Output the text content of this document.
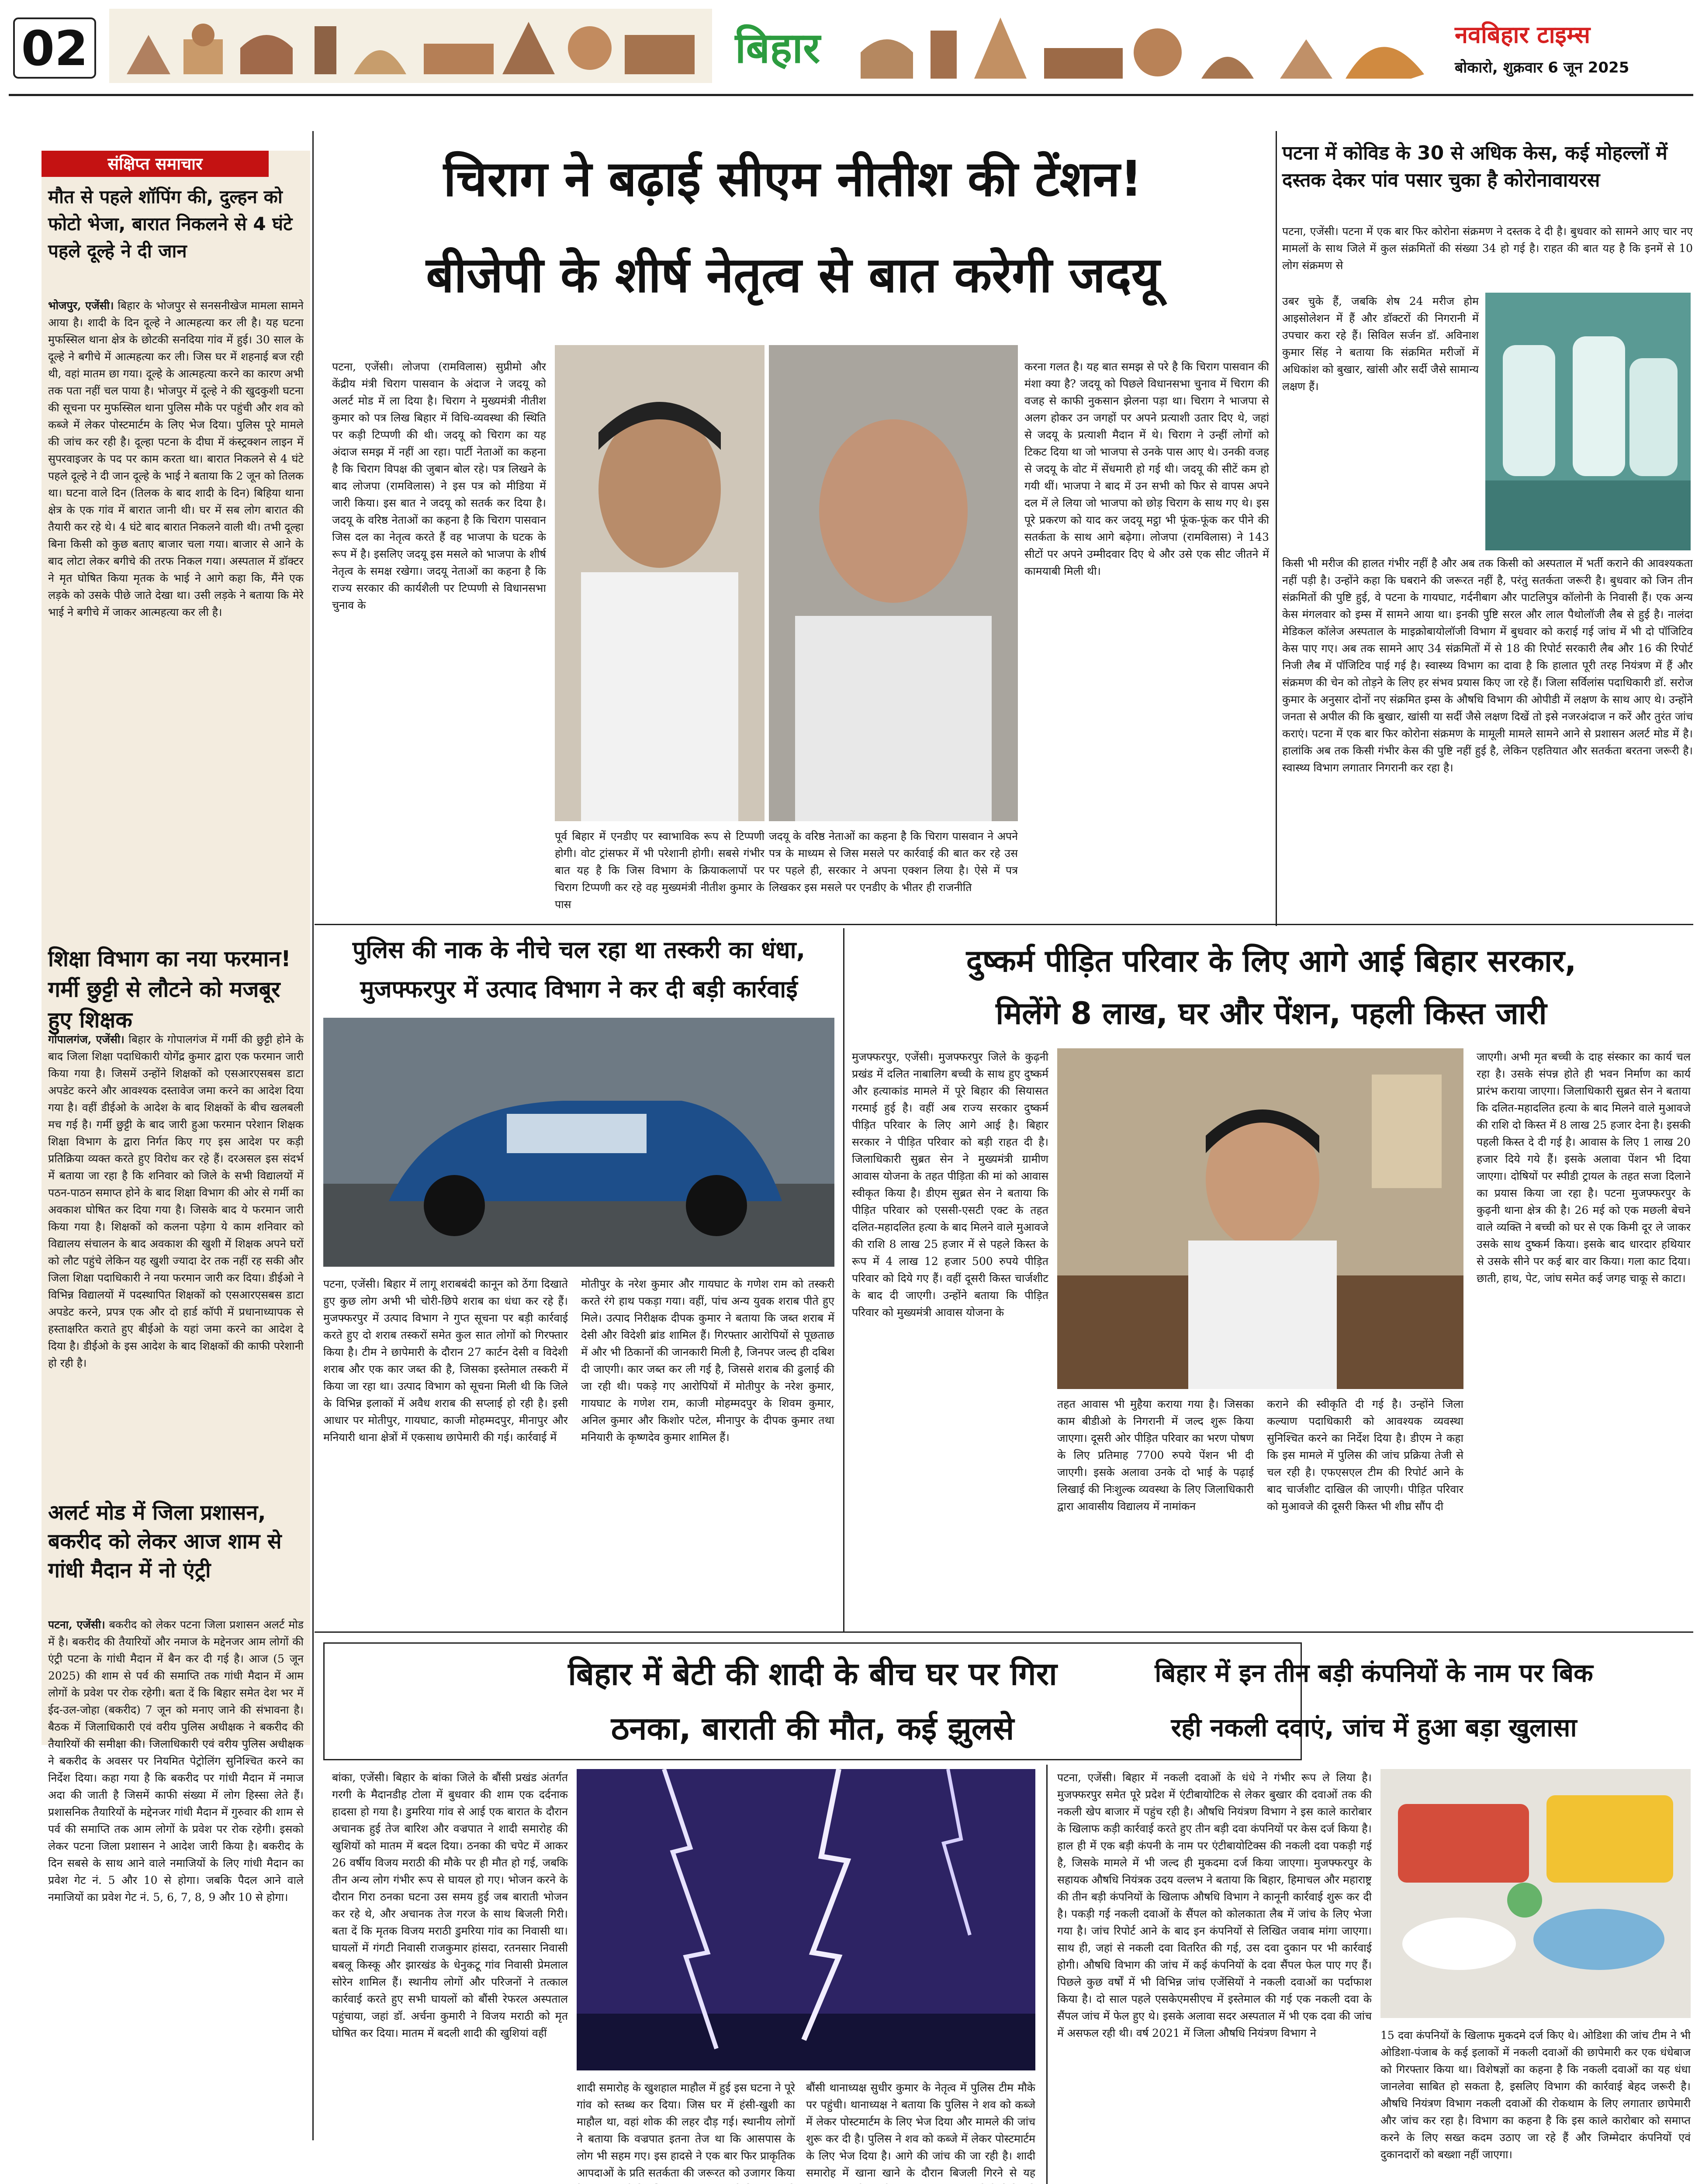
02	बिहार	नवबिहार टाइम्स
बोकारो, शुक्रवार 6 जून 2025
संक्षिप्त समाचार
मौत से पहले शॉपिंग की, दुल्हन को फोटो भेजा, बारात निकलने से 4 घंटे पहले दूल्हे ने दी जान
भोजपुर, एजेंसी। बिहार के भोजपुर से सनसनीखेज मामला सामने आया है। शादी के दिन दूल्हे ने आत्महत्या कर ली है। यह घटना मुफस्सिल थाना क्षेत्र के छोटकी सनदिया गांव में हुई। 30 साल के दूल्हे ने बगीचे में आत्महत्या कर ली। जिस घर में शहनाई बज रही थी, वहां मातम छा गया। दूल्हे के आत्महत्या करने का कारण अभी तक पता नहीं चल पाया है। भोजपुर में दूल्हे ने की खुदकुशी घटना की सूचना पर मुफस्सिल थाना पुलिस मौके पर पहुंची और शव को कब्जे में लेकर पोस्टमार्टम के लिए भेज दिया। पुलिस पूरे मामले की जांच कर रही है। दूल्हा पटना के दीघा में कंस्ट्रक्शन लाइन में सुपरवाइजर के पद पर काम करता था। बारात निकलने से 4 घंटे पहले दूल्हे ने दी जान दूल्हे के भाई ने बताया कि 2 जून को तिलक था। घटना वाले दिन (तिलक के बाद शादी के दिन) बिहिया थाना क्षेत्र के एक गांव में बारात जानी थी। घर में सब लोग बारात की तैयारी कर रहे थे। 4 घंटे बाद बारात निकलने वाली थी। तभी दूल्हा बिना किसी को कुछ बताए बाजार चला गया। बाजार से आने के बाद लोटा लेकर बगीचे की तरफ निकल गया। अस्पताल में डॉक्टर ने मृत घोषित किया मृतक के भाई ने आगे कहा कि, मैंने एक लड़के को उसके पीछे जाते देखा था। उसी लड़के ने बताया कि मेरे भाई ने बगीचे में जाकर आत्महत्या कर ली है।
शिक्षा विभाग का नया फरमान! गर्मी छुट्टी से लौटने को मजबूर हुए शिक्षक
गोपालगंज, एजेंसी। बिहार के गोपालगंज में गर्मी की छुट्टी होने के बाद जिला शिक्षा पदाधिकारी योगेंद्र कुमार द्वारा एक फरमान जारी किया गया है। जिसमें उन्होंने शिक्षकों को एसआरएसबस डाटा अपडेट करने और आवश्यक दस्तावेज जमा करने का आदेश दिया गया है। वहीं डीईओ के आदेश के बाद शिक्षकों के बीच खलबली मच गई है। गर्मी छुट्टी के बाद जारी हुआ फरमान परेशान शिक्षक शिक्षा विभाग के द्वारा निर्गत किए गए इस आदेश पर कड़ी प्रतिक्रिया व्यक्त करते हुए विरोध कर रहे हैं। दरअसल इस संदर्भ में बताया जा रहा है कि शनिवार को जिले के सभी विद्यालयों में पठन-पाठन समाप्त होने के बाद शिक्षा विभाग की ओर से गर्मी का अवकाश घोषित कर दिया गया है। जिसके बाद ये फरमान जारी किया गया है। शिक्षकों को कलना पड़ेगा ये काम शनिवार को विद्यालय संचालन के बाद अवकाश की खुशी में शिक्षक अपने घरों को लौट पहुंचे लेकिन यह खुशी ज्यादा देर तक नहीं रह सकी और जिला शिक्षा पदाधिकारी ने नया फरमान जारी कर दिया। डीईओ ने विभिन्न विद्यालयों में पदस्थापित शिक्षकों को एसआरएसबस डाटा अपडेट करने, प्रपत्र एक और दो हार्ड कॉपी में प्रधानाध्यापक से हस्ताक्षरित कराते हुए बीईओ के यहां जमा करने का आदेश दे दिया है। डीईओ के इस आदेश के बाद शिक्षकों की काफी परेशानी हो रही है।
अलर्ट मोड में जिला प्रशासन, बकरीद को लेकर आज शाम से गांधी मैदान में नो एंट्री
पटना, एजेंसी। बकरीद को लेकर पटना जिला प्रशासन अलर्ट मोड में है। बकरीद की तैयारियों और नमाज के मद्देनजर आम लोगों की एंट्री पटना के गांधी मैदान में बैन कर दी गई है। आज (5 जून 2025) की शाम से पर्व की समाप्ति तक गांधी मैदान में आम लोगों के प्रवेश पर रोक रहेगी। बता दें कि बिहार समेत देश भर में ईद-उल-जोहा (बकरीद) 7 जून को मनाए जाने की संभावना है। बैठक में जिलाधिकारी एवं वरीय पुलिस अधीक्षक ने बकरीद की तैयारियों की समीक्षा की। जिलाधिकारी एवं वरीय पुलिस अधीक्षक ने बकरीद के अवसर पर नियमित पेट्रोलिंग सुनिश्चित करने का निर्देश दिया। कहा गया है कि बकरीद पर गांधी मैदान में नमाज अदा की जाती है जिसमें काफी संख्या में लोग हिस्सा लेते हैं। प्रशासनिक तैयारियों के मद्देनजर गांधी मैदान में गुरुवार की शाम से पर्व की समाप्ति तक आम लोगों के प्रवेश पर रोक रहेगी। इसको लेकर पटना जिला प्रशासन ने आदेश जारी किया है। बकरीद के दिन सबसे के साथ आने वाले नमाजियों के लिए गांधी मैदान का प्रवेश गेट नं. 5 और 10 से होगा। जबकि पैदल आने वाले नमाजियों का प्रवेश गेट नं. 5, 6, 7, 8, 9 और 10 से होगा।
चिराग ने बढ़ाई सीएम नीतीश की टेंशन!
बीजेपी के शीर्ष नेतृत्व से बात करेगी जदयू
पटना, एजेंसी। लोजपा (रामविलास) सुप्रीमो और केंद्रीय मंत्री चिराग पासवान के अंदाज ने जदयू को अलर्ट मोड में ला दिया है। चिराग ने मुख्यमंत्री नीतीश कुमार को पत्र लिख बिहार में विधि-व्यवस्था की स्थिति पर कड़ी टिप्पणी की थी। जदयू को चिराग का यह अंदाज समझ में नहीं आ रहा। पार्टी नेताओं का कहना है कि चिराग विपक्ष की जुबान बोल रहे। पत्र लिखने के बाद लोजपा (रामविलास) ने इस पत्र को मीडिया में जारी किया। इस बात ने जदयू को सतर्क कर दिया है। जदयू के वरिष्ठ नेताओं का कहना है कि चिराग पासवान जिस दल का नेतृत्व करते हैं वह भाजपा के घटक के रूप में है। इसलिए जदयू इस मसले को भाजपा के शीर्ष नेतृत्व के समक्ष रखेगा। जदयू नेताओं का कहना है कि राज्य सरकार की कार्यशैली पर टिप्पणी से विधानसभा चुनाव के
पूर्व बिहार में एनडीए पर स्वाभाविक रूप से टिप्पणी होगी। वोट ट्रांसफर में भी परेशानी होगी। सबसे गंभीर बात यह है कि जिस विभाग के क्रियाकलापों पर चिराग टिप्पणी कर रहे वह मुख्यमंत्री नीतीश कुमार के पास
जदयू के वरिष्ठ नेताओं का कहना है कि चिराग पासवान ने अपने पत्र के माध्यम से जिस मसले पर कार्रवाई की बात कर रहे उस पर पहले ही, सरकार ने अपना एक्शन लिया है। ऐसे में पत्र लिखकर इस मसले पर एनडीए के भीतर ही राजनीति
करना गलत है। यह बात समझ से परे है कि चिराग पासवान की मंशा क्या है? जदयू को पिछले विधानसभा चुनाव में चिराग की वजह से काफी नुकसान झेलना पड़ा था। चिराग ने भाजपा से अलग होकर उन जगहों पर अपने प्रत्याशी उतार दिए थे, जहां से जदयू के प्रत्याशी मैदान में थे। चिराग ने उन्हीं लोगों को टिकट दिया था जो भाजपा से उनके पास आए थे। उनकी वजह से जदयू के वोट में सेंधमारी हो गई थी। जदयू की सीटें कम हो गयी थीं। भाजपा ने बाद में उन सभी को फिर से वापस अपने दल में ले लिया जो भाजपा को छोड़ चिराग के साथ गए थे। इस पूरे प्रकरण को याद कर जदयू मट्ठा भी फूंक-फूंक कर पीने की सतर्कता के साथ आगे बढ़ेगा। लोजपा (रामविलास) ने 143 सीटों पर अपने उम्मीदवार दिए थे और उसे एक सीट जीतने में कामयाबी मिली थी।
पटना में कोविड के 30 से अधिक केस, कई मोहल्लों में दस्तक देकर पांव पसार चुका है कोरोनावायरस
पटना, एजेंसी। पटना में एक बार फिर कोरोना संक्रमण ने दस्तक दे दी है। बुधवार को सामने आए चार नए मामलों के साथ जिले में कुल संक्रमितों की संख्या 34 हो गई है। राहत की बात यह है कि इनमें से 10 लोग संक्रमण से
उबर चुके हैं, जबकि शेष 24 मरीज होम आइसोलेशन में हैं और डॉक्टरों की निगरानी में उपचार करा रहे हैं। सिविल सर्जन डॉ. अविनाश कुमार सिंह ने बताया कि संक्रमित मरीजों में अधिकांश को बुखार, खांसी और सर्दी जैसे सामान्य लक्षण हैं।
किसी भी मरीज की हालत गंभीर नहीं है और अब तक किसी को अस्पताल में भर्ती कराने की आवश्यकता नहीं पड़ी है। उन्होंने कहा कि घबराने की जरूरत नहीं है, परंतु सतर्कता जरूरी है। बुधवार को जिन तीन संक्रमितों की पुष्टि हुई, वे पटना के गायघाट, गर्दनीबाग और पाटलिपुत्र कॉलोनी के निवासी हैं। एक अन्य केस मंगलवार को इम्स में सामने आया था। इनकी पुष्टि सरल और लाल पैथोलॉजी लैब से हुई है। नालंदा मेडिकल कॉलेज अस्पताल के माइक्रोबायोलॉजी विभाग में बुधवार को कराई गई जांच में भी दो पॉजिटिव केस पाए गए। अब तक सामने आए 34 संक्रमितों में से 18 की रिपोर्ट सरकारी लैब और 16 की रिपोर्ट निजी लैब में पॉजिटिव पाई गई है। स्वास्थ्य विभाग का दावा है कि हालात पूरी तरह नियंत्रण में हैं और संक्रमण की चेन को तोड़ने के लिए हर संभव प्रयास किए जा रहे हैं। जिला सर्विलांस पदाधिकारी डॉ. सरोज कुमार के अनुसार दोनों नए संक्रमित इम्स के औषधि विभाग की ओपीडी में लक्षण के साथ आए थे। उन्होंने जनता से अपील की कि बुखार, खांसी या सर्दी जैसे लक्षण दिखें तो इसे नजरअंदाज न करें और तुरंत जांच कराएं। पटना में एक बार फिर कोरोना संक्रमण के मामूली मामले सामने आने से प्रशासन अलर्ट मोड में है। हालांकि अब तक किसी गंभीर केस की पुष्टि नहीं हुई है, लेकिन एहतियात और सतर्कता बरतना जरूरी है। स्वास्थ्य विभाग लगातार निगरानी कर रहा है।
पुलिस की नाक के नीचे चल रहा था तस्करी का धंधा,
मुजफ्फरपुर में उत्पाद विभाग ने कर दी बड़ी कार्रवाई
पटना, एजेंसी। बिहार में लागू शराबबंदी कानून को ठेंगा दिखाते हुए कुछ लोग अभी भी चोरी-छिपे शराब का धंधा कर रहे हैं। मुजफ्फरपुर में उत्पाद विभाग ने गुप्त सूचना पर बड़ी कार्रवाई करते हुए दो शराब तस्करों समेत कुल सात लोगों को गिरफ्तार किया है। टीम ने छापेमारी के दौरान 27 कार्टन देसी व विदेशी शराब और एक कार जब्त की है, जिसका इस्तेमाल तस्करी में किया जा रहा था। उत्पाद विभाग को सूचना मिली थी कि जिले के विभिन्न इलाकों में अवैध शराब की सप्लाई हो रही है। इसी आधार पर मोतीपुर, गायघाट, काजी मोहम्मदपुर, मीनापुर और मनियारी थाना क्षेत्रों में एकसाथ छापेमारी की गई। कार्रवाई में
मोतीपुर के नरेश कुमार और गायघाट के गणेश राम को तस्करी करते रंगे हाथ पकड़ा गया। वहीं, पांच अन्य युवक शराब पीते हुए मिले। उत्पाद निरीक्षक दीपक कुमार ने बताया कि जब्त शराब में देसी और विदेशी ब्रांड शामिल हैं। गिरफ्तार आरोपियों से पूछताछ में और भी ठिकानों की जानकारी मिली है, जिनपर जल्द ही दबिश दी जाएगी। कार जब्त कर ली गई है, जिससे शराब की ढुलाई की जा रही थी। पकड़े गए आरोपियों में मोतीपुर के नरेश कुमार, गायघाट के गणेश राम, काजी मोहम्मदपुर के शिवम कुमार, अनिल कुमार और किशोर पटेल, मीनापुर के दीपक कुमार तथा मनियारी के कृष्णदेव कुमार शामिल हैं।
दुष्कर्म पीड़ित परिवार के लिए आगे आई बिहार सरकार,
मिलेंगे 8 लाख, घर और पेंशन, पहली किस्त जारी
मुजफ्फरपुर, एजेंसी। मुजफ्फरपुर जिले के कुढ़नी प्रखंड में दलित नाबालिग बच्ची के साथ हुए दुष्कर्म और हत्याकांड मामले में पूरे बिहार की सियासत गरमाई हुई है। वहीं अब राज्य सरकार दुष्कर्म पीड़ित परिवार के लिए आगे आई है। बिहार सरकार ने पीड़ित परिवार को बड़ी राहत दी है। जिलाधिकारी सुब्रत सेन ने मुख्यमंत्री ग्रामीण आवास योजना के तहत पीड़िता की मां को आवास स्वीकृत किया है। डीएम सुब्रत सेन ने बताया कि पीड़ित परिवार को एससी-एसटी एक्ट के तहत दलित-महादलित हत्या के बाद मिलने वाले मुआवजे की राशि 8 लाख 25 हजार में से पहले किस्त के रूप में 4 लाख 12 हजार 500 रुपये पीड़ित परिवार को दिये गए हैं। वहीं दूसरी किस्त चार्जशीट के बाद दी जाएगी। उन्होंने बताया कि पीड़ित परिवार को मुख्यमंत्री आवास योजना के
तहत आवास भी मुहैया कराया गया है। जिसका काम बीडीओ के निगरानी में जल्द शुरू किया जाएगा। दूसरी ओर पीड़ित परिवार का भरण पोषण के लिए प्रतिमाह 7700 रुपये पेंशन भी दी जाएगी। इसके अलावा उनके दो भाई के पढ़ाई लिखाई की निःशुल्क व्यवस्था के लिए जिलाधिकारी द्वारा आवासीय विद्यालय में नामांकन
कराने की स्वीकृति दी गई है। उन्होंने जिला कल्याण पदाधिकारी को आवश्यक व्यवस्था सुनिश्चित करने का निर्देश दिया है। डीएम ने कहा कि इस मामले में पुलिस की जांच प्रक्रिया तेजी से चल रही है। एफएसएल टीम की रिपोर्ट आने के बाद चार्जशीट दाखिल की जाएगी। पीड़ित परिवार को मुआवजे की दूसरी किस्त भी शीघ्र सौंप दी
जाएगी। अभी मृत बच्ची के दाह संस्कार का कार्य चल रहा है। उसके संपन्न होते ही भवन निर्माण का कार्य प्रारंभ कराया जाएगा। जिलाधिकारी सुब्रत सेन ने बताया कि दलित-महादलित हत्या के बाद मिलने वाले मुआवजे की राशि दो किस्त में 8 लाख 25 हजार देना है। इसकी पहली किस्त दे दी गई है। आवास के लिए 1 लाख 20 हजार दिये गये हैं। इसके अलावा पेंशन भी दिया जाएगा। दोषियों पर स्पीडी ट्रायल के तहत सजा दिलाने का प्रयास किया जा रहा है। पटना मुजफ्फरपुर के कुढ़नी थाना क्षेत्र की है। 26 मई को एक मछली बेचने वाले व्यक्ति ने बच्ची को घर से एक किमी दूर ले जाकर उसके साथ दुष्कर्म किया। इसके बाद धारदार हथियार से उसके सीने पर कई बार वार किया। गला काट दिया। छाती, हाथ, पेट, जांघ समेत कई जगह चाकू से काटा।
बिहार में बेटी की शादी के बीच घर पर गिरा
ठनका, बाराती की मौत, कई झुलसे
बांका, एजेंसी। बिहार के बांका जिले के बौंसी प्रखंड अंतर्गत गरगी के मैदानडीह टोला में बुधवार की शाम एक दर्दनाक हादसा हो गया है। डुमरिया गांव से आई एक बारात के दौरान अचानक हुई तेज बारिश और वज्रपात ने शादी समारोह की खुशियों को मातम में बदल दिया। ठनका की चपेट में आकर 26 वर्षीय विजय मराठी की मौके पर ही मौत हो गई, जबकि तीन अन्य लोग गंभीर रूप से घायल हो गए। भोजन करने के दौरान गिरा ठनका घटना उस समय हुई जब बाराती भोजन कर रहे थे, और अचानक तेज गरज के साथ बिजली गिरी। बता दें कि मृतक विजय मराठी डुमरिया गांव का निवासी था। घायलों में गंगटी निवासी राजकुमार हांसदा, रतनसार निवासी बबलू किस्कू और झारखंड के धेनुकटू गांव निवासी प्रेमलाल सोरेन शामिल हैं। स्थानीय लोगों और परिजनों ने तत्काल कार्रवाई करते हुए सभी घायलों को बौंसी रेफरल अस्पताल पहुंचाया, जहां डॉ. अर्चना कुमारी ने विजय मराठी को मृत घोषित कर दिया। मातम में बदली शादी की खुशियां वहीं
शादी समारोह के खुशहाल माहौल में हुई इस घटना ने पूरे गांव को स्तब्ध कर दिया। जिस घर में हंसी-खुशी का माहौल था, वहां शोक की लहर दौड़ गई। स्थानीय लोगों ने बताया कि वज्रपात इतना तेज था कि आसपास के लोग भी सहम गए। इस हादसे ने एक बार फिर प्राकृतिक आपदाओं के प्रति सतर्कता की जरूरत को उजागर किया
बौंसी थानाध्यक्ष सुधीर कुमार के नेतृत्व में पुलिस टीम मौके पर पहुंची। थानाध्यक्ष ने बताया कि पुलिस ने शव को कब्जे में लेकर पोस्टमार्टम के लिए भेज दिया और मामले की जांच शुरू कर दी है। पुलिस ने शव को कब्जे में लेकर पोस्टमार्टम के लिए भेज दिया है। आगे की जांच की जा रही है। शादी समारोह में खाना खाने के दौरान बिजली गिरने से यह
बिहार में इन तीन बड़ी कंपनियों के नाम पर बिक
रही नकली दवाएं, जांच में हुआ बड़ा खुलासा
पटना, एजेंसी। बिहार में नकली दवाओं के धंधे ने गंभीर रूप ले लिया है। मुजफ्फरपुर समेत पूरे प्रदेश में एंटीबायोटिक से लेकर बुखार की दवाओं तक की नकली खेप बाजार में पहुंच रही है। औषधि नियंत्रण विभाग ने इस काले कारोबार के खिलाफ कड़ी कार्रवाई करते हुए तीन बड़ी दवा कंपनियों पर केस दर्ज किया है। हाल ही में एक बड़ी कंपनी के नाम पर एंटीबायोटिक्स की नकली दवा पकड़ी गई है, जिसके मामले में भी जल्द ही मुकदमा दर्ज किया जाएगा। मुजफ्फरपुर के सहायक औषधि नियंत्रक उदय वल्लभ ने बताया कि बिहार, हिमाचल और महाराष्ट्र की तीन बड़ी कंपनियों के खिलाफ औषधि विभाग ने कानूनी कार्रवाई शुरू कर दी है। पकड़ी गई नकली दवाओं के सैंपल को कोलकाता लैब में जांच के लिए भेजा गया है। जांच रिपोर्ट आने के बाद इन कंपनियों से लिखित जवाब मांगा जाएगा। साथ ही, जहां से नकली दवा वितरित की गई, उस दवा दुकान पर भी कार्रवाई होगी। औषधि विभाग की जांच में कई कंपनियों के दवा सैंपल फेल पाए गए हैं। पिछले कुछ वर्षों में भी विभिन्न जांच एजेंसियों ने नकली दवाओं का पर्दाफाश किया है। दो साल पहले एसकेएमसीएच में इस्तेमाल की गई एक नकली दवा के सैंपल जांच में फेल हुए थे। इसके अलावा सदर अस्पताल में भी एक दवा की जांच में असफल रही थी। वर्ष 2021 में जिला औषधि नियंत्रण विभाग ने	15 दवा कंपनियों के खिलाफ मुकदमे दर्ज किए थे। ओडिशा की जांच टीम ने भी ओडिशा-पंजाब के कई इलाकों में नकली दवाओं की छापेमारी कर एक धंधेबाज को गिरफ्तार किया था। विशेषज्ञों का कहना है कि नकली दवाओं का यह धंधा जानलेवा साबित हो सकता है, इसलिए विभाग की कार्रवाई बेहद जरूरी है। औषधि नियंत्रण विभाग नकली दवाओं की रोकथाम के लिए लगातार छापेमारी और जांच कर रहा है। विभाग का कहना है कि इस काले कारोबार को समाप्त करने के लिए सख्त कदम उठाए जा रहे हैं और जिम्मेदार कंपनियों एवं दुकानदारों को बख्शा नहीं जाएगा।
